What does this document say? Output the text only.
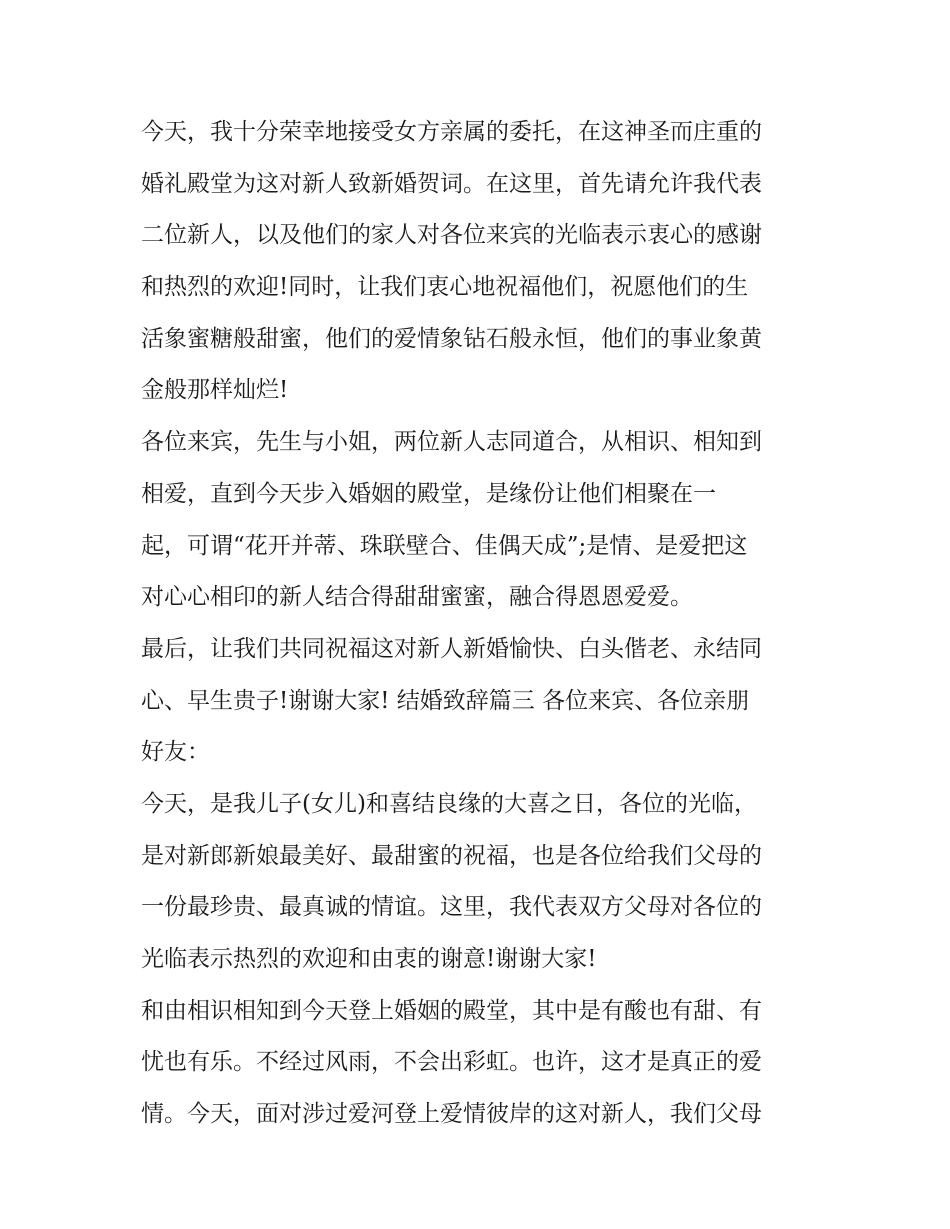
今天，我十分荣幸地接受女方亲属的委托，在这神圣而庄重的
婚礼殿堂为这对新人致新婚贺词。在这里，首先请允许我代表
二位新人，以及他们的家人对各位来宾的光临表示衷心的感谢
和热烈的欢迎!同时，让我们衷心地祝福他们，祝愿他们的生
活象蜜糖般甜蜜，他们的爱情象钻石般永恒，他们的事业象黄
金般那样灿烂!
各位来宾，先生与小姐，两位新人志同道合，从相识、相知到
相爱，直到今天步入婚姻的殿堂，是缘份让他们相聚在一
起，可谓“花开并蒂、珠联壁合、佳偶天成”;是情、是爱把这
对心心相印的新人结合得甜甜蜜蜜，融合得恩恩爱爱。
最后，让我们共同祝福这对新人新婚愉快、白头偕老、永结同
心、早生贵子!谢谢大家! 结婚致辞篇三 各位来宾、各位亲朋
好友：
今天，是我儿子(女儿)和喜结良缘的大喜之日，各位的光临，
是对新郎新娘最美好、最甜蜜的祝福，也是各位给我们父母的
一份最珍贵、最真诚的情谊。这里，我代表双方父母对各位的
光临表示热烈的欢迎和由衷的谢意!谢谢大家!
和由相识相知到今天登上婚姻的殿堂，其中是有酸也有甜、有
忧也有乐。不经过风雨，不会出彩虹。也许，这才是真正的爱
情。今天，面对涉过爱河登上爱情彼岸的这对新人，我们父母
